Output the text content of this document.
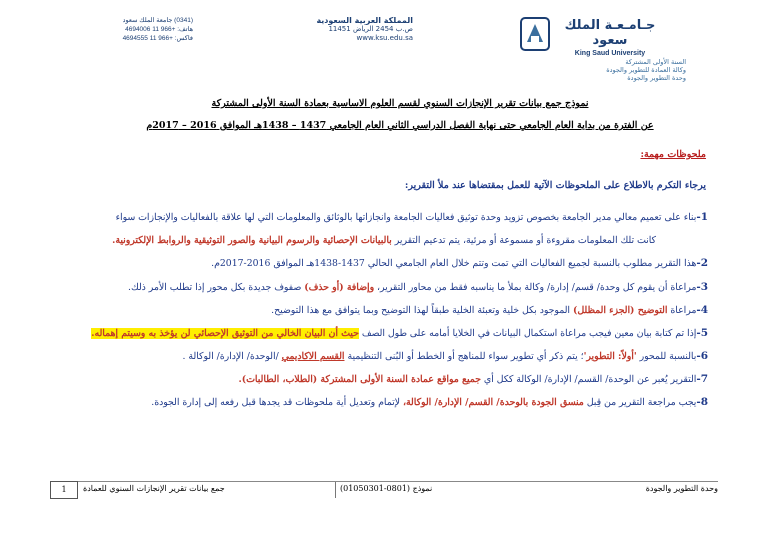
(0341) جامعة الملك سعود
هاتف: +966 11 4694006
فاكس: +966 11 4694555
المملكة العربية السعودية
ص.ب 2454 الرياض 11451
www.ksu.edu.sa
جـامـعـة الملك سعود
King Saud University
السنة الأولى المشتركة
وكالة العمادة للتطوير والجودة
وحدة التطوير والجودة
نموذج جمع بيانات تقرير الإنجازات السنوي لقسم العلوم الاساسية بعمادة السنة الأولى المشتركة
عن الفترة من بداية العام الجامعي حتى نهاية الفصل الدراسي الثاني العام الجامعي 1437 – 1438هـ الموافق 2016 – 2017م
ملحوظات مهمة:
يرجاء التكرم بالاطلاع على الملحوظات الآتية للعمل بمقتضاها عند ملأ التقرير:
1-بناء على تعميم معالي مدير الجامعة بخصوص تزويد وحدة توثيق فعاليات الجامعة وانجازاتها بالوثائق والمعلومات التي لها علاقة بالفعاليات والإنجازات سواء
كانت تلك المعلومات مقروءة أو مسموعة أو مرئية، يتم تدعيم التقرير بالبيانات الإحصائية والرسوم البيانية والصور التوثيقية والروابط الإلكترونية.
2-هذا التقرير مطلوب بالنسبة لجميع الفعاليات التي تمت وتتم خلال العام الجامعي الحالي 1437-1438هـ الموافق 2016-2017م.
3-مراعاة أن يقوم كل وحدة/ قسم/ إدارة/ وكالة بملأ ما يناسبه فقط من محاور التقرير، وإضافة (أو حذف) صفوف جديدة بكل محور إذا تطلب الأمر ذلك.
4-مراعاة التوضيح (الجزء المظلل) الموجود بكل خلية وتعبئة الخلية طبقاً لهذا التوضيح وبما يتوافق مع هذا التوضيح.
5-إذا تم كتابة بيان معين فيجب مراعاة استكمال البيانات في الخلايا أمامه على طول الصف حيث أن البيان الخالي من التوثيق الإحصائي لن يؤخذ به وسيتم إهماله.
6-بالنسبة للمحور 'أولاً: التطوير'؛ يتم ذكر أي تطوير سواء للمناهج أو الخطط أو البُنى التنظيمية القسم الاكاديمي /الوحدة/ الإدارة/ الوكالة .
7-التقرير يُعبر عن الوحدة/ القسم/ الإدارة/ الوكالة ككل أي جميع مواقع عمادة السنة الأولى المشتركة (الطلاب، الطالبات).
8-يجب مراجعة التقرير من قِبل منسق الجودة بالوحدة/ القسم/ الإدارة/ الوكالة، لإتمام وتعديل أية ملحوظات قد يجدها قبل رفعه إلى إدارة الجودة.
وحدة التطوير والجودة
نموذج (0801-01050301)
جمع بيانات تقرير الإنجازات السنوي للعمادة
1
